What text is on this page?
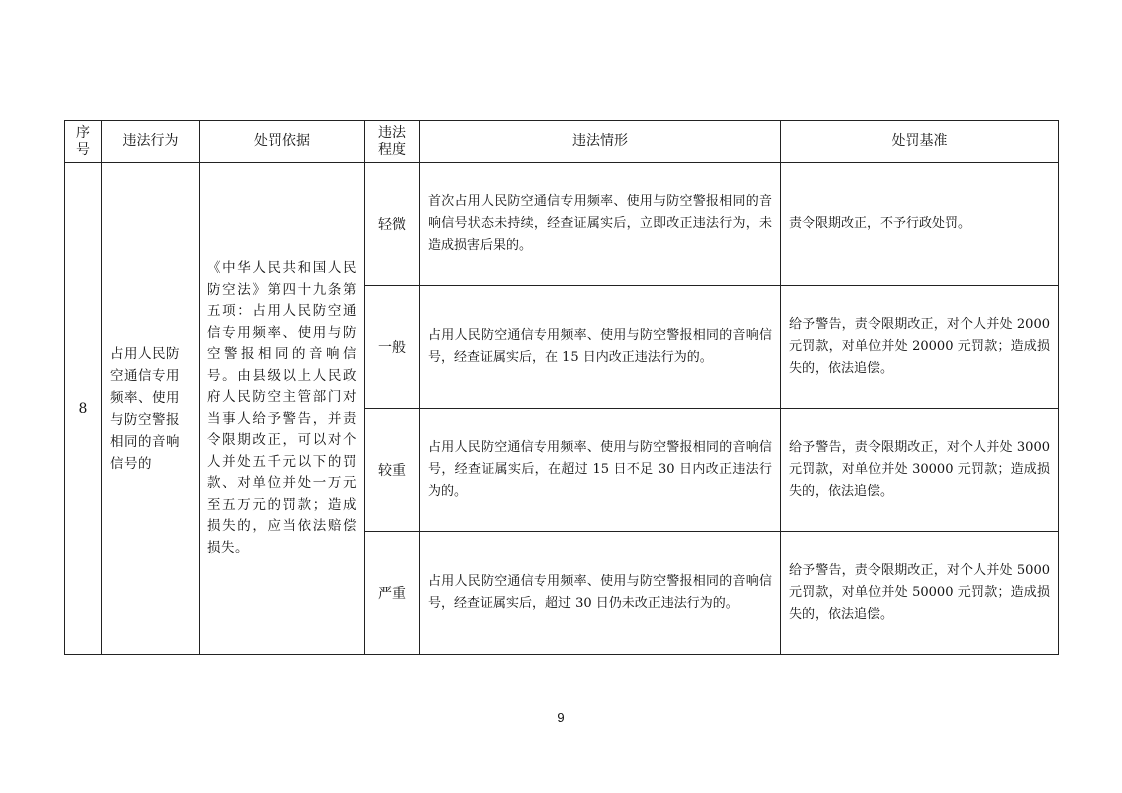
序号	违法行为	处罚依据	违法程度	违法情形	处罚基准
8	占用人民防空通信专用频率、使用与防空警报相同的音响信号的	《中华人民共和国人民防空法》第四十九条第五项：占用人民防空通信专用频率、使用与防空警报相同的音响信号。由县级以上人民政府人民防空主管部门对当事人给予警告，并责令限期改正，可以对个人并处五千元以下的罚款、对单位并处一万元至五万元的罚款；造成损失的，应当依法赔偿损失。	轻微	首次占用人民防空通信专用频率、使用与防空警报相同的音响信号状态未持续，经查证属实后，立即改正违法行为，未造成损害后果的。	责令限期改正，不予行政处罚。
			一般	占用人民防空通信专用频率、使用与防空警报相同的音响信号，经查证属实后，在 15 日内改正违法行为的。	给予警告，责令限期改正，对个人并处 2000 元罚款，对单位并处 20000 元罚款；造成损失的，依法追偿。
			较重	占用人民防空通信专用频率、使用与防空警报相同的音响信号，经查证属实后，在超过 15 日不足 30 日内改正违法行为的。	给予警告，责令限期改正，对个人并处 3000 元罚款，对单位并处 30000 元罚款；造成损失的，依法追偿。
			严重	占用人民防空通信专用频率、使用与防空警报相同的音响信号，经查证属实后，超过 30 日仍未改正违法行为的。	给予警告，责令限期改正，对个人并处 5000 元罚款，对单位并处 50000 元罚款；造成损失的，依法追偿。
9
